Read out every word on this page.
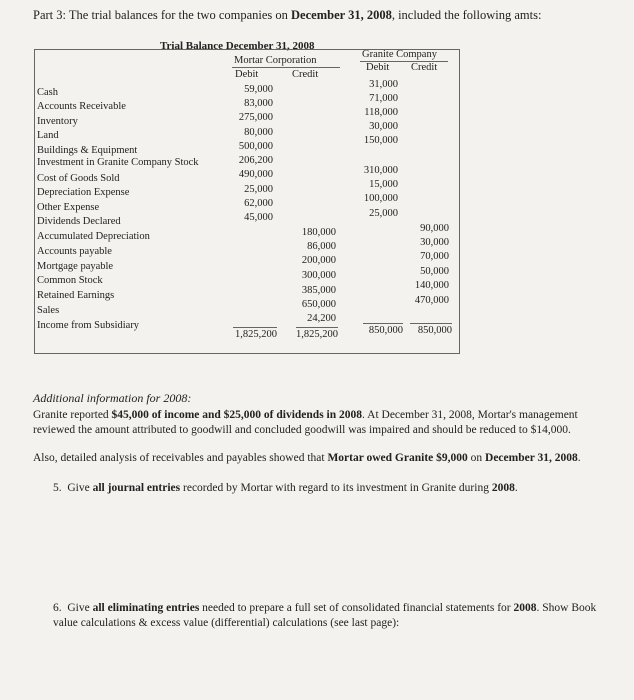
Part 3: The trial balances for the two companies on December 31, 2008, included the following amts:
Trial Balance December 31, 2008
Mortar Corporation
Granite Company
Debit	Credit
Debit Credit
Cash
Accounts Receivable
Inventory
Land
Buildings & Equipment
Investment in Granite Company Stock
Cost of Goods Sold
Depreciation Expense
Other Expense
Dividends Declared
Accumulated Depreciation
Accounts payable
Mortgage payable
Common Stock
Retained Earnings
Sales
Income from Subsidiary
59,000
83,000
275,000
80,000
500,000
206,200
490,000
25,000
62,000
45,000
180,000
86,000
200,000
300,000
385,000
650,000
24,200
31,000
71,000
118,000
30,000
150,000
310,000
15,000
100,000
25,000
90,000
30,000
70,000
50,000
140,000
470,000
1,825,200 1,825,200	850,000 850,000
Additional information for 2008:
Granite reported $45,000 of income and $25,000 of dividends in 2008. At December 31, 2008, Mortar's management reviewed the amount attributed to goodwill and concluded goodwill was impaired and should be reduced to $14,000.
Also, detailed analysis of receivables and payables showed that Mortar owed Granite $9,000 on December 31, 2008.
5. Give all journal entries recorded by Mortar with regard to its investment in Granite during 2008.
6. Give all eliminating entries needed to prepare a full set of consolidated financial statements for 2008. Show Book value calculations & excess value (differential) calculations (see last page):
